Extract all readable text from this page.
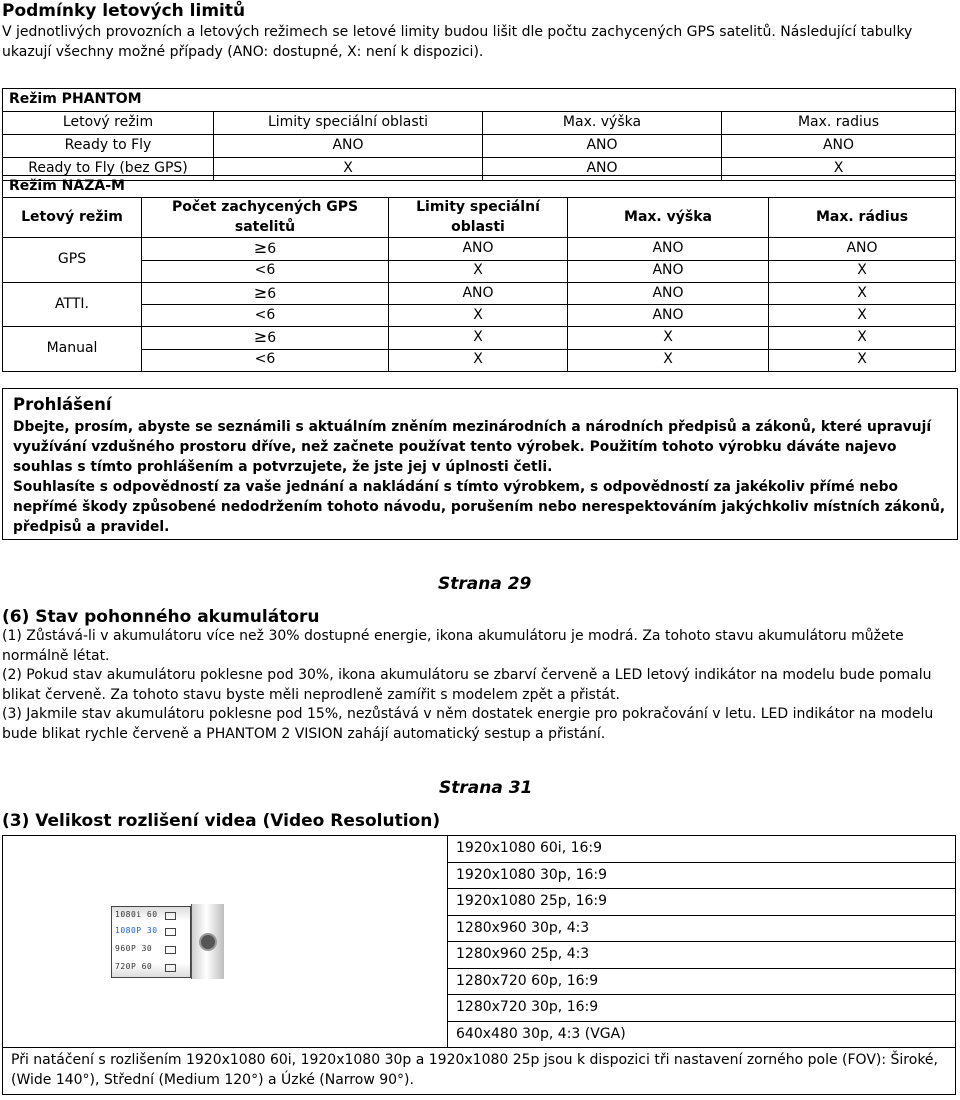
Podmínky letových limitů

V jednotlivých provozních a letových režimech se letové limity budou lišit dle počtu zachycených GPS satelitů. Následující tabulky ukazují všechny možné případy (ANO: dostupné, X: není k dispozici).

Režim PHANTOM			
Letový režim	Limity speciální oblasti	Max. výška	Max. radius
Ready to Fly	ANO	ANO	ANO
Ready to Fly (bez GPS)	X	ANO	X
Režim NAZA-M				
Letový režim	Počet zachycených GPS satelitů	Limity speciální oblasti	Max. výška	Max. rádius
GPS	≥6	ANO	ANO	ANO
	<6	X	ANO	X
ATTI.	≥6	ANO	ANO	X
	<6	X	ANO	X
Manual	≥6	X	X	X
	<6	X	X	X
Prohlášení

Dbejte, prosím, abyste se seznámili s aktuálním zněním mezinárodních a národních předpisů a zákonů, které upravují využívání vzdušného prostoru dříve, než začnete používat tento výrobek. Použitím tohoto výrobku dáváte najevo souhlas s tímto prohlášením a potvrzujete, že jste jej v úplnosti četli.

Souhlasíte s odpovědností za vaše jednání a nakládání s tímto výrobkem, s odpovědností za jakékoliv přímé nebo nepřímé škody způsobené nedodržením tohoto návodu, porušením nebo nerespektováním jakýchkoliv místních zákonů, předpisů a pravidel.

Strana 29
(6) Stav pohonného akumulátoru

(1) Zůstává-li v akumulátoru více než 30% dostupné energie, ikona akumulátoru je modrá. Za tohoto stavu akumulátoru můžete normálně létat.

(2) Pokud stav akumulátoru poklesne pod 30%, ikona akumulátoru se zbarví červeně a LED letový indikátor na modelu bude pomalu blikat červeně. Za tohoto stavu byste měli neprodleně zamířit s modelem zpět a přistát.

(3) Jakmile stav akumulátoru poklesne pod 15%, nezůstává v něm dostatek energie pro pokračování v letu. LED indikátor na modelu bude blikat rychle červeně a PHANTOM 2 VISION zahájí automatický sestup a přistání.

Strana 31
(3) Velikost rozlišení videa (Video Resolution)
1080i 60
1080P 30
960P 30
720P 60
	1920x1080 60i, 16:9
1920x1080 30p, 16:9
1920x1080 25p, 16:9
1280x960 30p, 4:3
1280x960 25p, 4:3
1280x720 60p, 16:9
1280x720 30p, 16:9
640x480 30p, 4:3 (VGA)
Při natáčení s rozlišením 1920x1080 60i, 1920x1080 30p a 1920x1080 25p jsou k dispozici tři nastavení zorného pole (FOV): Široké, (Wide 140°), Střední (Medium 120°) a Úzké (Narrow 90°).
